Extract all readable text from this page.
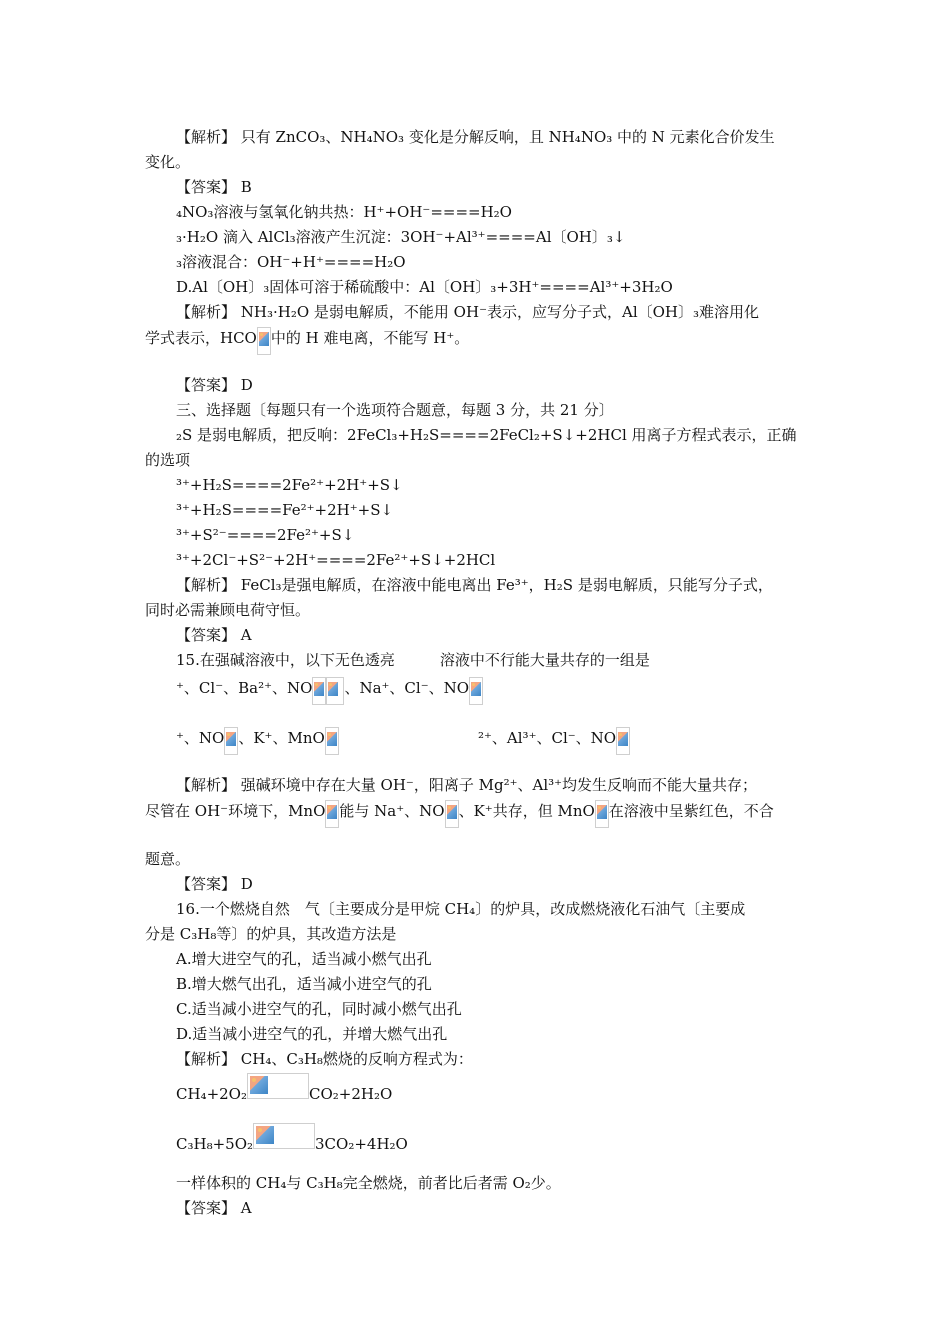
【解析】 只有 ZnCO₃、NH₄NO₃ 变化是分解反响，且 NH₄NO₃ 中的 N 元素化合价发生
变化。
【答案】 B
₄NO₃溶液与氢氧化钠共热：H⁺+OH⁻====H₂O
₃·H₂O 滴入 AlCl₃溶液产生沉淀：3OH⁻+Al³⁺====Al〔OH〕₃↓
₃溶液混合：OH⁻+H⁺====H₂O
D.Al〔OH〕₃固体可溶于稀硫酸中：Al〔OH〕₃+3H⁺====Al³⁺+3H₂O
【解析】 NH₃·H₂O 是弱电解质，不能用 OH⁻表示，应写分子式，Al〔OH〕₃难溶用化
学式表示，HCO 中的 H 难电离，不能写 H⁺。
【答案】 D
三、选择题〔每题只有一个选项符合题意，每题 3 分，共 21 分〕
₂S 是弱电解质，把反响：2FeCl₃+H₂S====2FeCl₂+S↓+2HCl 用离子方程式表示，正确
的选项
³⁺+H₂S====2Fe²⁺+2H⁺+S↓
³⁺+H₂S====Fe²⁺+2H⁺+S↓
³⁺+S²⁻====2Fe²⁺+S↓
³⁺+2Cl⁻+S²⁻+2H⁺====2Fe²⁺+S↓+2HCl
【解析】 FeCl₃是强电解质，在溶液中能电离出 Fe³⁺，H₂S 是弱电解质，只能写分子式，
同时必需兼顾电荷守恒。
【答案】 A
15.在强碱溶液中，以下无色透亮　　　溶液中不行能大量共存的一组是
⁺、Cl⁻、Ba²⁺、NO 、Na⁺、Cl⁻、NO
⁺、NO 、K⁺、MnO	²⁺、Al³⁺、Cl⁻、NO
【解析】 强碱环境中存在大量 OH⁻，阳离子 Mg²⁺、Al³⁺均发生反响而不能大量共存；
尽管在 OH⁻环境下，MnO 能与 Na⁺、NO 、K⁺共存，但 MnO 在溶液中呈紫红色，不合
题意。
【答案】 D
16.一个燃烧自然　气〔主要成分是甲烷 CH₄〕的炉具，改成燃烧液化石油气〔主要成
分是 C₃H₈等〕的炉具，其改造方法是
A.增大进空气的孔，适当减小燃气出孔
B.增大燃气出孔，适当减小进空气的孔
C.适当减小进空气的孔，同时减小燃气出孔
D.适当减小进空气的孔，并增大燃气出孔
【解析】 CH₄、C₃H₈燃烧的反响方程式为：
CH₄+2O₂	CO₂+2H₂O
C₃H₈+5O₂	3CO₂+4H₂O
一样体积的 CH₄与 C₃H₈完全燃烧，前者比后者需 O₂少。
【答案】 A
